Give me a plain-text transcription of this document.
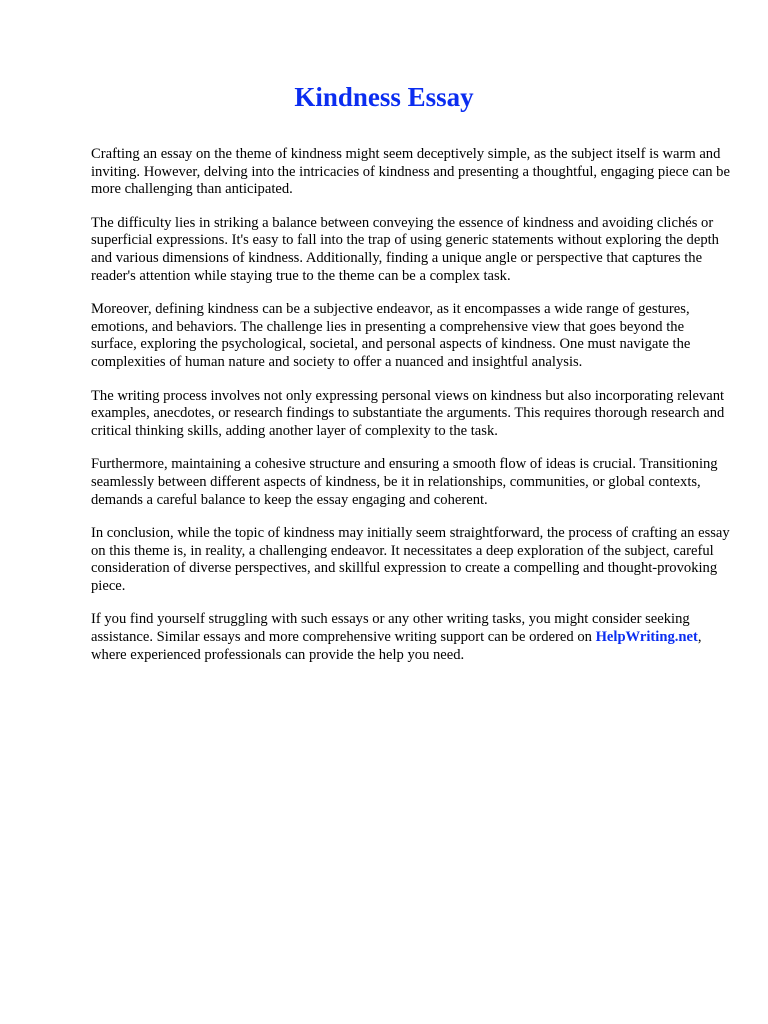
Kindness Essay

Crafting an essay on the theme of kindness might seem deceptively simple, as the subject itself is warm and inviting. However, delving into the intricacies of kindness and presenting a thoughtful, engaging piece can be more challenging than anticipated.

The difficulty lies in striking a balance between conveying the essence of kindness and avoiding clichés or superficial expressions. It's easy to fall into the trap of using generic statements without exploring the depth and various dimensions of kindness. Additionally, finding a unique angle or perspective that captures the reader's attention while staying true to the theme can be a complex task.

Moreover, defining kindness can be a subjective endeavor, as it encompasses a wide range of gestures, emotions, and behaviors. The challenge lies in presenting a comprehensive view that goes beyond the surface, exploring the psychological, societal, and personal aspects of kindness. One must navigate the complexities of human nature and society to offer a nuanced and insightful analysis.

The writing process involves not only expressing personal views on kindness but also incorporating relevant examples, anecdotes, or research findings to substantiate the arguments. This requires thorough research and critical thinking skills, adding another layer of complexity to the task.

Furthermore, maintaining a cohesive structure and ensuring a smooth flow of ideas is crucial. Transitioning seamlessly between different aspects of kindness, be it in relationships, communities, or global contexts, demands a careful balance to keep the essay engaging and coherent.

In conclusion, while the topic of kindness may initially seem straightforward, the process of crafting an essay on this theme is, in reality, a challenging endeavor. It necessitates a deep exploration of the subject, careful consideration of diverse perspectives, and skillful expression to create a compelling and thought-provoking piece.

If you find yourself struggling with such essays or any other writing tasks, you might consider seeking assistance. Similar essays and more comprehensive writing support can be ordered on HelpWriting.net, where experienced professionals can provide the help you need.
